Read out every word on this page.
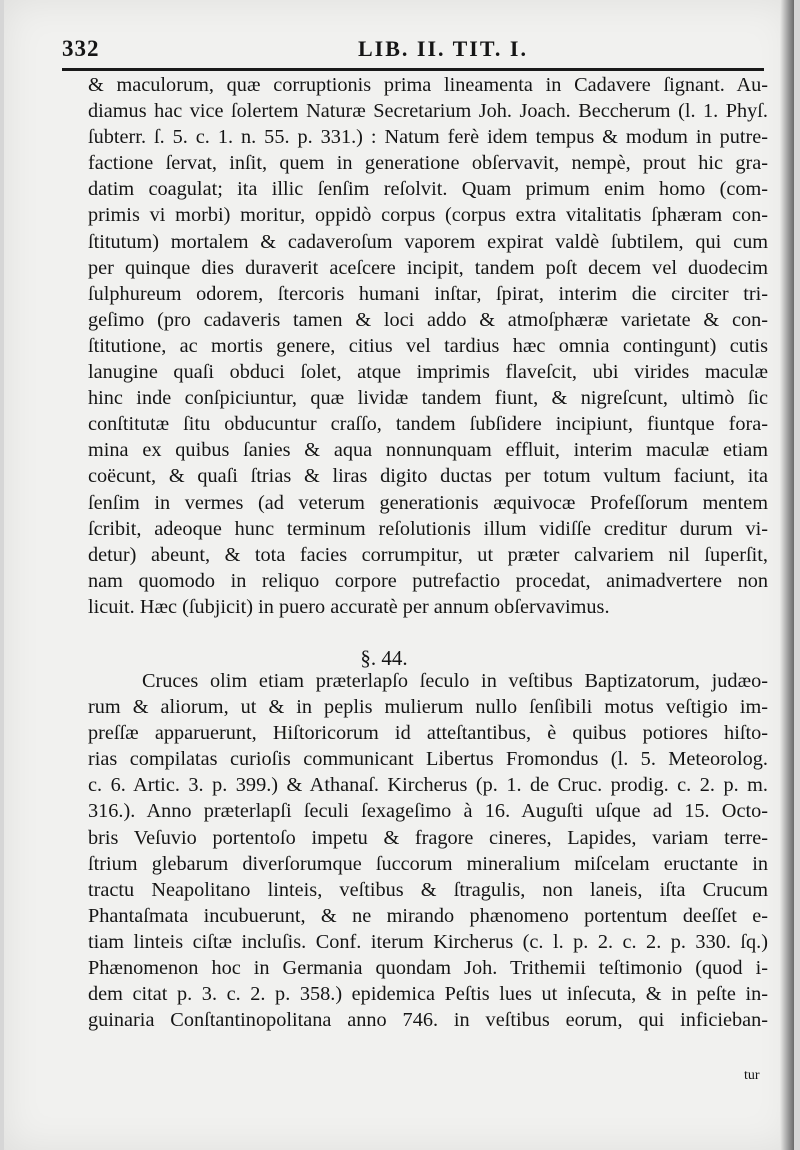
332	LIB. II. TIT. I.
& maculorum, quæ corruptionis prima lineamenta in Cadavere ſignant. Au-
diamus hac vice ſolertem Naturæ Secretarium Joh. Joach. Beccherum (l. 1. Phyſ.
ſubterr. ſ. 5. c. 1. n. 55. p. 331.) : Natum ferè idem tempus & modum in putre-
factione ſervat, inſit, quem in generatione obſervavit, nempè, prout hic gra-
datim coagulat; ita illic ſenſim reſolvit. Quam primum enim homo (com-
primis vi morbi) moritur, oppidò corpus (corpus extra vitalitatis ſphæram con-
ſtitutum) mortalem & cadaveroſum vaporem expirat valdè ſubtilem, qui cum
per quinque dies duraverit aceſcere incipit, tandem poſt decem vel duodecim
ſulphureum odorem, ſtercoris humani inſtar, ſpirat, interim die circiter tri-
geſimo (pro cadaveris tamen & loci addo & atmoſphæræ varietate & con-
ſtitutione, ac mortis genere, citius vel tardius hæc omnia contingunt) cutis
lanugine quaſi obduci ſolet, atque imprimis flaveſcit, ubi virides maculæ
hinc inde conſpiciuntur, quæ lividæ tandem fiunt, & nigreſcunt, ultimò ſic
conſtitutæ ſitu obducuntur craſſo, tandem ſubſidere incipiunt, fiuntque fora-
mina ex quibus ſanies & aqua nonnunquam effluit, interim maculæ etiam
coëcunt, & quaſi ſtrias & liras digito ductas per totum vultum faciunt, ita
ſenſim in vermes (ad veterum generationis æquivocæ Profeſſorum mentem
ſcribit, adeoque hunc terminum reſolutionis illum vidiſſe creditur durum vi-
detur) abeunt, & tota facies corrumpitur, ut præter calvariem nil ſuperſit,
nam quomodo in reliquo corpore putrefactio procedat, animadvertere non
licuit. Hæc (ſubjicit) in puero accuratè per annum obſervavimus.
§. 44.
Cruces olim etiam præterlapſo ſeculo in veſtibus Baptizatorum, judæo-
rum & aliorum, ut & in peplis mulierum nullo ſenſibili motus veſtigio im-
preſſæ apparuerunt, Hiſtoricorum id atteſtantibus, è quibus potiores hiſto-
rias compilatas curioſis communicant Libertus Fromondus (l. 5. Meteorolog.
c. 6. Artic. 3. p. 399.) & Athanaſ. Kircherus (p. 1. de Cruc. prodig. c. 2. p. m.
316.). Anno præterlapſi ſeculi ſexageſimo à 16. Auguſti uſque ad 15. Octo-
bris Veſuvio portentoſo impetu & fragore cineres, Lapides, variam terre-
ſtrium glebarum diverſorumque ſuccorum mineralium miſcelam eructante in
tractu Neapolitano linteis, veſtibus & ſtragulis, non laneis, iſta Crucum
Phantaſmata incubuerunt, & ne mirando phænomeno portentum deeſſet e-
tiam linteis ciſtæ incluſis. Conf. iterum Kircherus (c. l. p. 2. c. 2. p. 330. ſq.)
Phænomenon hoc in Germania quondam Joh. Trithemii teſtimonio (quod i-
dem citat p. 3. c. 2. p. 358.) epidemica Peſtis lues ut inſecuta, & in peſte in-
guinaria Conſtantinopolitana anno 746. in veſtibus eorum, qui inficieban-
tur
